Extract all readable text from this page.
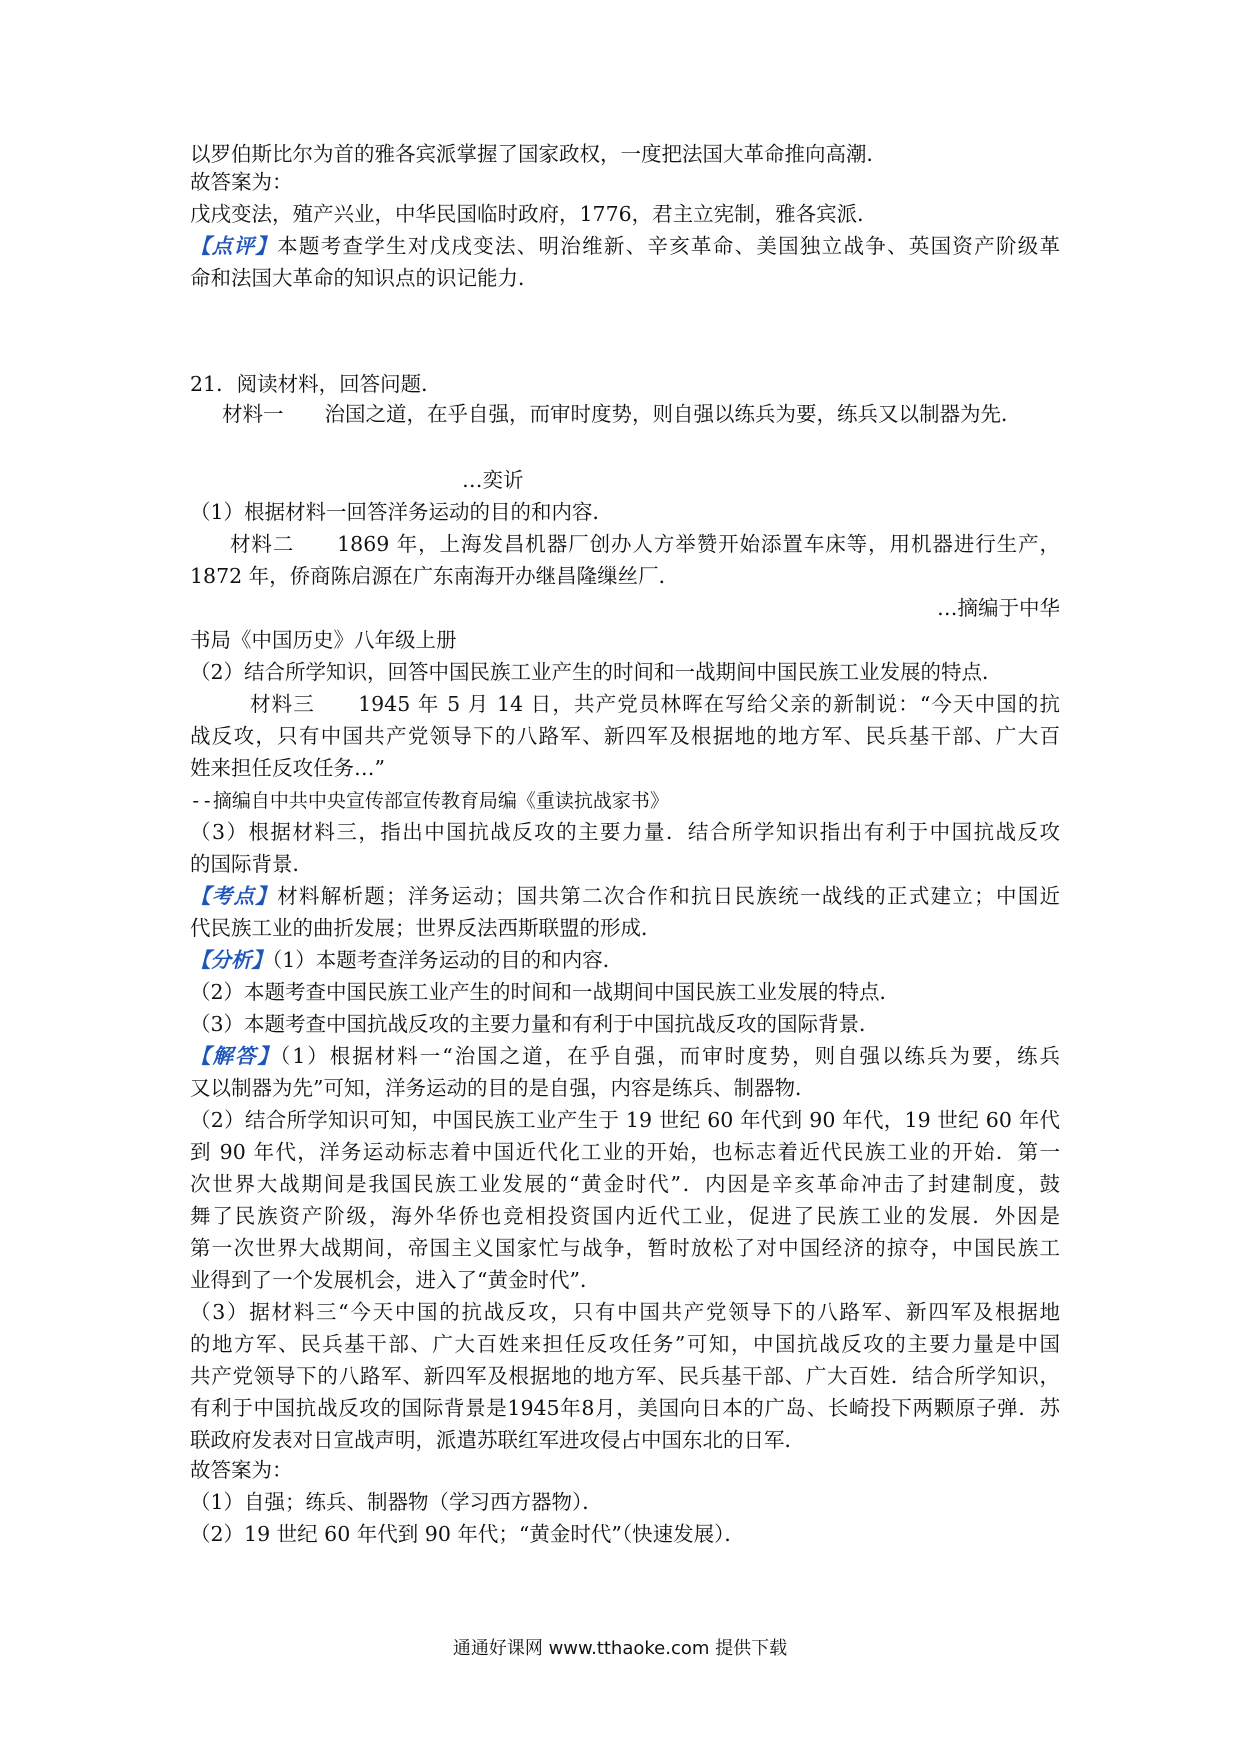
以罗伯斯比尔为首的雅各宾派掌握了国家政权，一度把法国大革命推向高潮．
故答案为：
戊戌变法，殖产兴业，中华民国临时政府，1776，君主立宪制，雅各宾派．
【点评】本题考查学生对戊戌变法、明治维新、辛亥革命、美国独立战争、英国资产阶级革
命和法国大革命的知识点的识记能力．
21．阅读材料，回答问题．
材料一　　治国之道，在乎自强，而审时度势，则自强以练兵为要，练兵又以制器为先．
…奕䜣
（1）根据材料一回答洋务运动的目的和内容．
材料二　　1869 年，上海发昌机器厂创办人方举赞开始添置车床等，用机器进行生产，
1872 年，侨商陈启源在广东南海开办继昌隆缫丝厂．
…摘编于中华
书局《中国历史》八年级上册
（2）结合所学知识，回答中国民族工业产生的时间和一战期间中国民族工业发展的特点．
材料三　　1945 年 5 月 14 日，共产党员林晖在写给父亲的新制说：“今天中国的抗
战反攻，只有中国共产党领导下的八路军、新四军及根据地的地方军、民兵基干部、广大百
姓来担任反攻任务…”
--摘编自中共中央宣传部宣传教育局编《重读抗战家书》
（3）根据材料三，指出中国抗战反攻的主要力量．结合所学知识指出有利于中国抗战反攻
的国际背景．
【考点】材料解析题；洋务运动；国共第二次合作和抗日民族统一战线的正式建立；中国近
代民族工业的曲折发展；世界反法西斯联盟的形成．
【分析】（1）本题考查洋务运动的目的和内容．
（2）本题考查中国民族工业产生的时间和一战期间中国民族工业发展的特点．
（3）本题考查中国抗战反攻的主要力量和有利于中国抗战反攻的国际背景．
【解答】（1）根据材料一“治国之道，在乎自强，而审时度势，则自强以练兵为要，练兵
又以制器为先”可知，洋务运动的目的是自强，内容是练兵、制器物．
（2）结合所学知识可知，中国民族工业产生于 19 世纪 60 年代到 90 年代，19 世纪 60 年代
到 90 年代，洋务运动标志着中国近代化工业的开始，也标志着近代民族工业的开始．第一
次世界大战期间是我国民族工业发展的“黄金时代”．内因是辛亥革命冲击了封建制度，鼓
舞了民族资产阶级，海外华侨也竞相投资国内近代工业，促进了民族工业的发展．外因是
第一次世界大战期间，帝国主义国家忙与战争，暂时放松了对中国经济的掠夺，中国民族工
业得到了一个发展机会，进入了“黄金时代”．
（3）据材料三“今天中国的抗战反攻，只有中国共产党领导下的八路军、新四军及根据地
的地方军、民兵基干部、广大百姓来担任反攻任务”可知，中国抗战反攻的主要力量是中国
共产党领导下的八路军、新四军及根据地的地方军、民兵基干部、广大百姓．结合所学知识，
有利于中国抗战反攻的国际背景是1945年8月，美国向日本的广岛、长崎投下两颗原子弹．苏
联政府发表对日宣战声明，派遣苏联红军进攻侵占中国东北的日军．
故答案为：
（1）自强；练兵、制器物（学习西方器物）．
（2）19 世纪 60 年代到 90 年代；“黄金时代”（快速发展）．
通通好课网 www.tthaoke.com 提供下载
